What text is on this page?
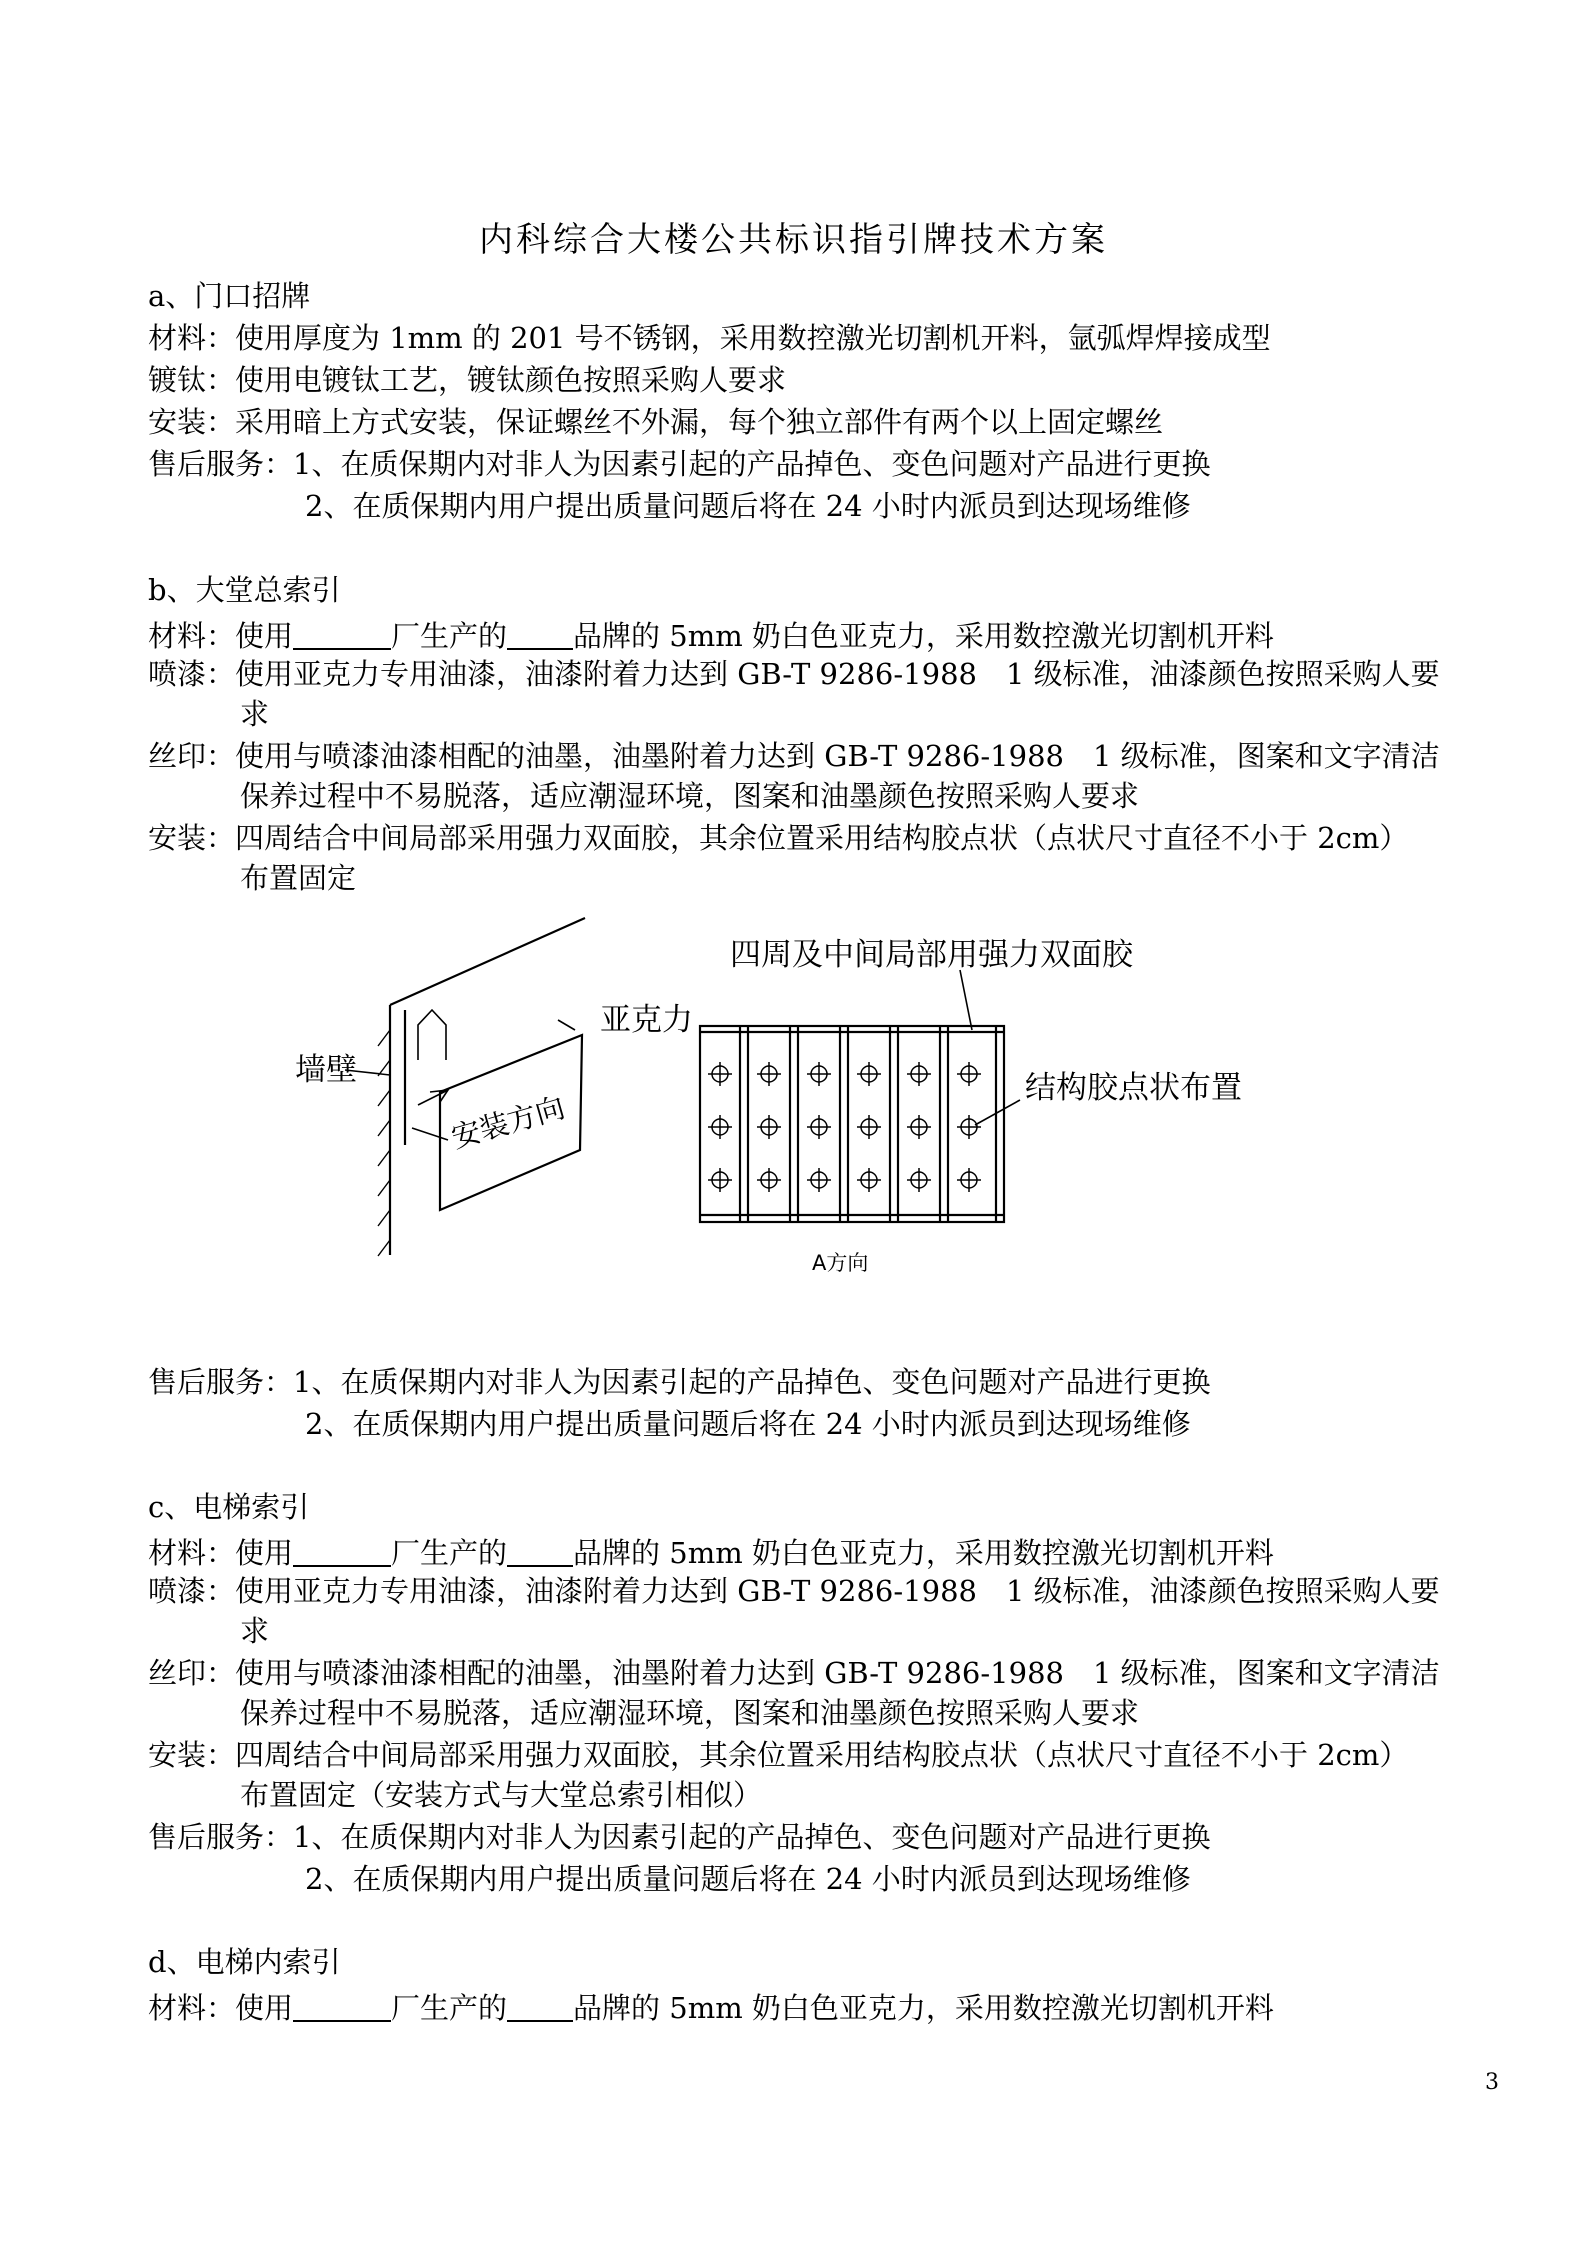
内科综合大楼公共标识指引牌技术方案
a、门口招牌
材料：使用厚度为 1mm 的 201 号不锈钢，采用数控激光切割机开料，氩弧焊焊接成型
镀钛：使用电镀钛工艺，镀钛颜色按照采购人要求
安装：采用暗上方式安装，保证螺丝不外漏，每个独立部件有两个以上固定螺丝
售后服务：1、在质保期内对非人为因素引起的产品掉色、变色问题对产品进行更换
2、在质保期内用户提出质量问题后将在 24 小时内派员到达现场维修
b、大堂总索引
材料：使用	厂生产的 品牌的 5mm 奶白色亚克力，采用数控激光切割机开料
喷漆：使用亚克力专用油漆，油漆附着力达到 GB-T 9286-1988　1 级标准，油漆颜色按照采购人要
求
丝印：使用与喷漆油漆相配的油墨，油墨附着力达到 GB-T 9286-1988　1 级标准，图案和文字清洁
保养过程中不易脱落，适应潮湿环境，图案和油墨颜色按照采购人要求
安装：四周结合中间局部采用强力双面胶，其余位置采用结构胶点状（点状尺寸直径不小于 2cm）
布置固定
墙壁
亚克力
安装方向
四周及中间局部用强力双面胶
结构胶点状布置
A方向
售后服务：1、在质保期内对非人为因素引起的产品掉色、变色问题对产品进行更换
2、在质保期内用户提出质量问题后将在 24 小时内派员到达现场维修
c、电梯索引
材料：使用	厂生产的 品牌的 5mm 奶白色亚克力，采用数控激光切割机开料
喷漆：使用亚克力专用油漆，油漆附着力达到 GB-T 9286-1988　1 级标准，油漆颜色按照采购人要
求
丝印：使用与喷漆油漆相配的油墨，油墨附着力达到 GB-T 9286-1988　1 级标准，图案和文字清洁
保养过程中不易脱落，适应潮湿环境，图案和油墨颜色按照采购人要求
安装：四周结合中间局部采用强力双面胶，其余位置采用结构胶点状（点状尺寸直径不小于 2cm）
布置固定（安装方式与大堂总索引相似）
售后服务：1、在质保期内对非人为因素引起的产品掉色、变色问题对产品进行更换
2、在质保期内用户提出质量问题后将在 24 小时内派员到达现场维修
d、电梯内索引
材料：使用	厂生产的 品牌的 5mm 奶白色亚克力，采用数控激光切割机开料
3
